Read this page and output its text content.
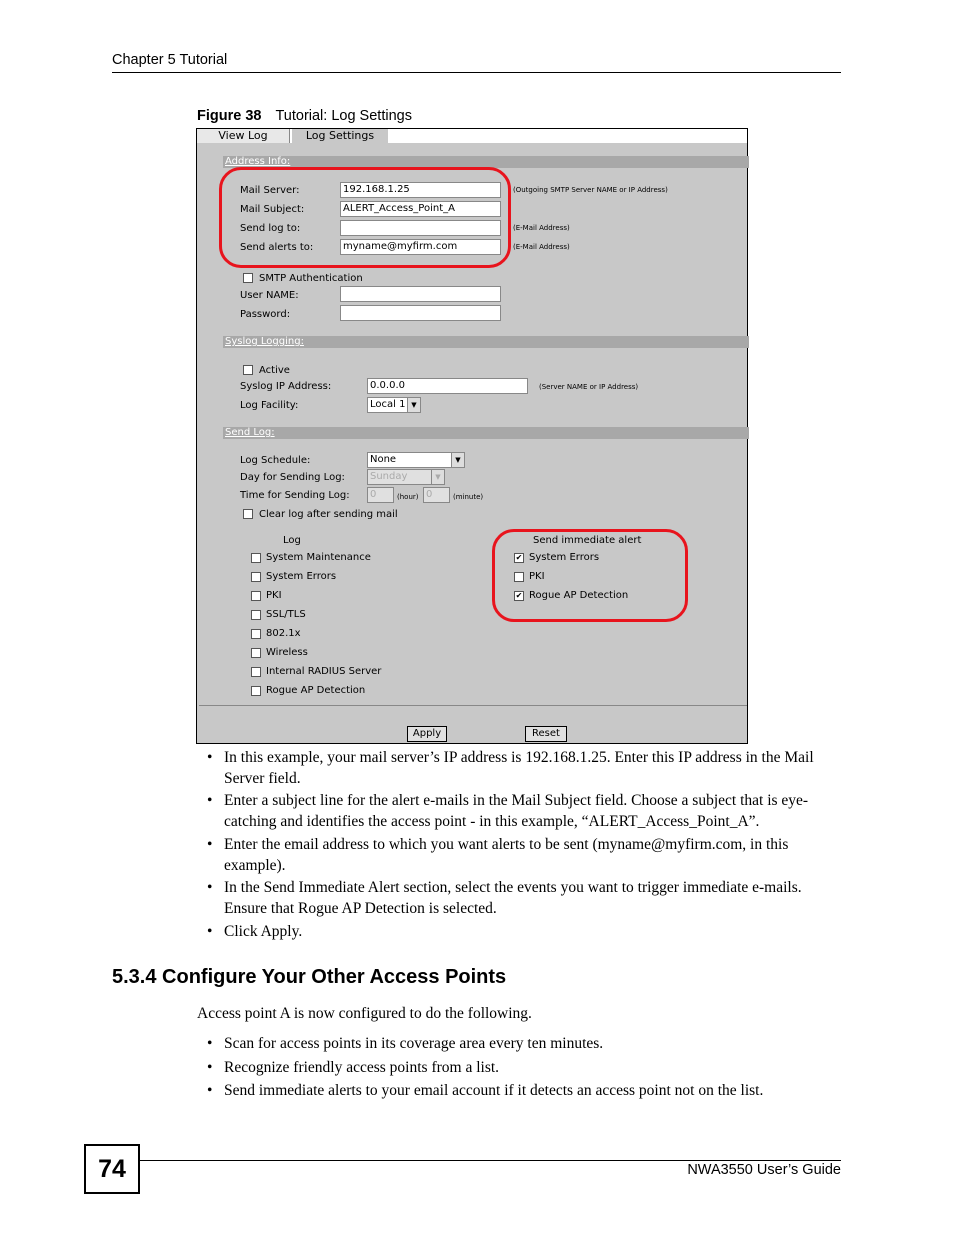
Chapter 5 Tutorial
Figure 38 Tutorial: Log Settings
View Log	Log Settings
Address Info:
Mail Server:	192.168.1.25	(Outgoing SMTP Server NAME or IP Address)
Mail Subject:	ALERT_Access_Point_A
Send log to:	(E-Mail Address)
Send alerts to:	myname@myfirm.com	(E-Mail Address)
SMTP Authentication
User NAME:
Password:
Syslog Logging:
Active
Syslog IP Address:	0.0.0.0	(Server NAME or IP Address)
Log Facility:	Local 1 ▼
Send Log:
Log Schedule:	None	▼
Day for Sending Log:	Sunday	▼
Time for Sending Log:	0	(hour) 0	(minute)
Clear log after sending mail
Log
System Maintenance
System Errors
PKI
SSL/TLS
802.1x
Wireless
Internal RADIUS Server
Rogue AP Detection
Send immediate alert
✔ System Errors
PKI
✔ Rogue AP Detection
Apply	Reset
• In this example, your mail server’s IP address is 192.168.1.25. Enter this IP address in the Mail Server field.
• Enter a subject line for the alert e-mails in the Mail Subject field. Choose a subject that is eye-catching and identifies the access point - in this example, “ALERT_Access_Point_A”.
• Enter the email address to which you want alerts to be sent (myname@myfirm.com, in this example).
• In the Send Immediate Alert section, select the events you want to trigger immediate e-mails. Ensure that Rogue AP Detection is selected.
• Click Apply.
5.3.4 Configure Your Other Access Points
Access point A is now configured to do the following.
• Scan for access points in its coverage area every ten minutes.
• Recognize friendly access points from a list.
• Send immediate alerts to your email account if it detects an access point not on the list.
74	NWA3550 User’s Guide
